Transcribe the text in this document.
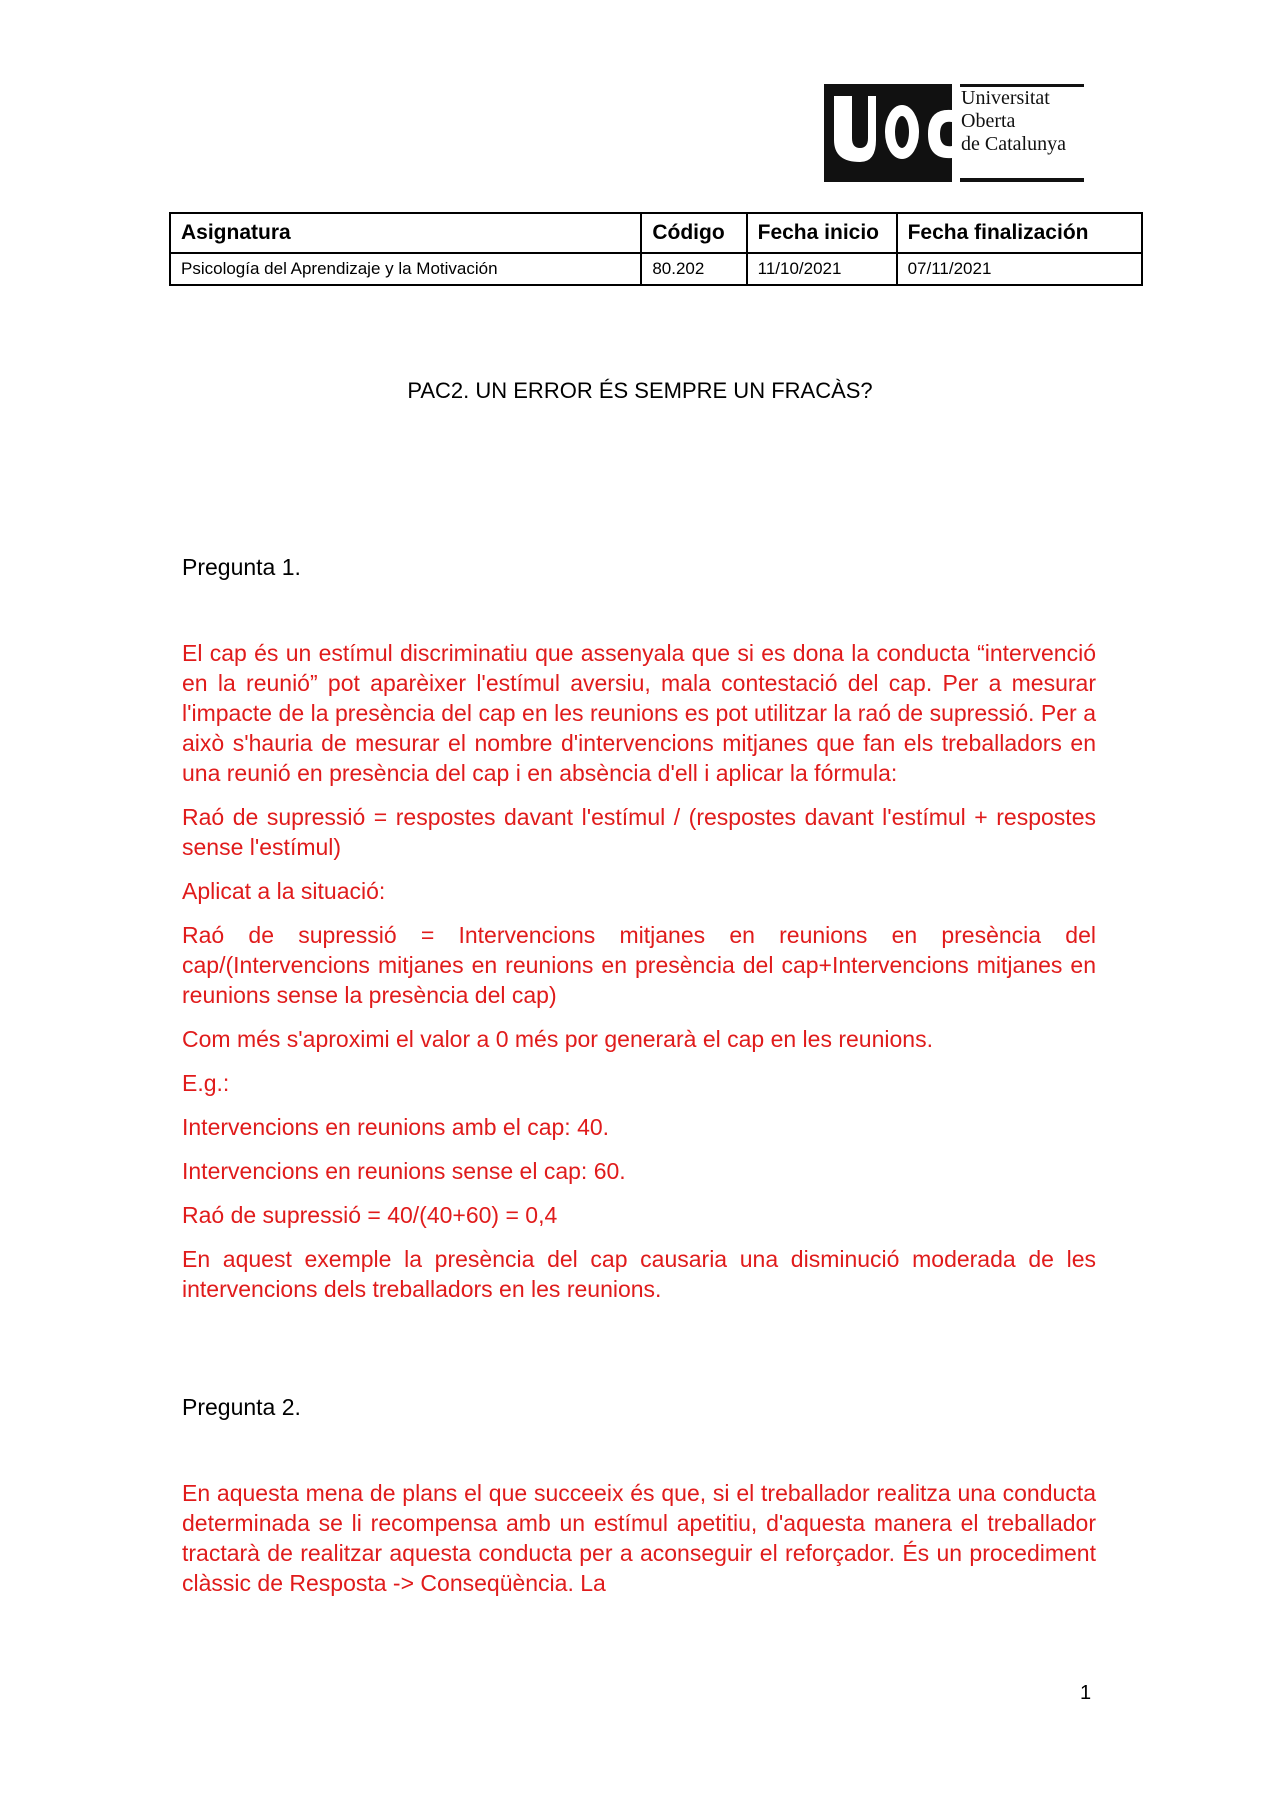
Universitat
Oberta
de Catalunya
Asignatura	Código	Fecha inicio	Fecha finalización
Psicología del Aprendizaje y la Motivación	80.202	11/10/2021	07/11/2021
PAC2. UN ERROR ÉS SEMPRE UN FRACÀS?
Pregunta 1.

El cap és un estímul discriminatiu que assenyala que si es dona la conducta “intervenció en la reunió” pot aparèixer l'estímul aversiu, mala contestació del cap. Per a mesurar l'impacte de la presència del cap en les reunions es pot utilitzar la raó de supressió. Per a això s'hauria de mesurar el nombre d'intervencions mitjanes que fan els treballadors en una reunió en presència del cap i en absència d'ell i aplicar la fórmula:

Raó de supressió = respostes davant l'estímul / (respostes davant l'estímul + respostes sense l'estímul)

Aplicat a la situació:

Raó de supressió = Intervencions mitjanes en reunions en presència del cap/(Intervencions mitjanes en reunions en presència del cap+Intervencions mitjanes en reunions sense la presència del cap)

Com més s'aproximi el valor a 0 més por generarà el cap en les reunions.

E.g.:

Intervencions en reunions amb el cap: 40.

Intervencions en reunions sense el cap: 60.

Raó de supressió = 40/(40+60) = 0,4

En aquest exemple la presència del cap causaria una disminució moderada de les intervencions dels treballadors en les reunions.

Pregunta 2.

En aquesta mena de plans el que succeeix és que, si el treballador realitza una conducta determinada se li recompensa amb un estímul apetitiu, d'aquesta manera el treballador tractarà de realitzar aquesta conducta per a aconseguir el reforçador. És un procediment clàssic de Resposta -> Conseqüència. La

1
